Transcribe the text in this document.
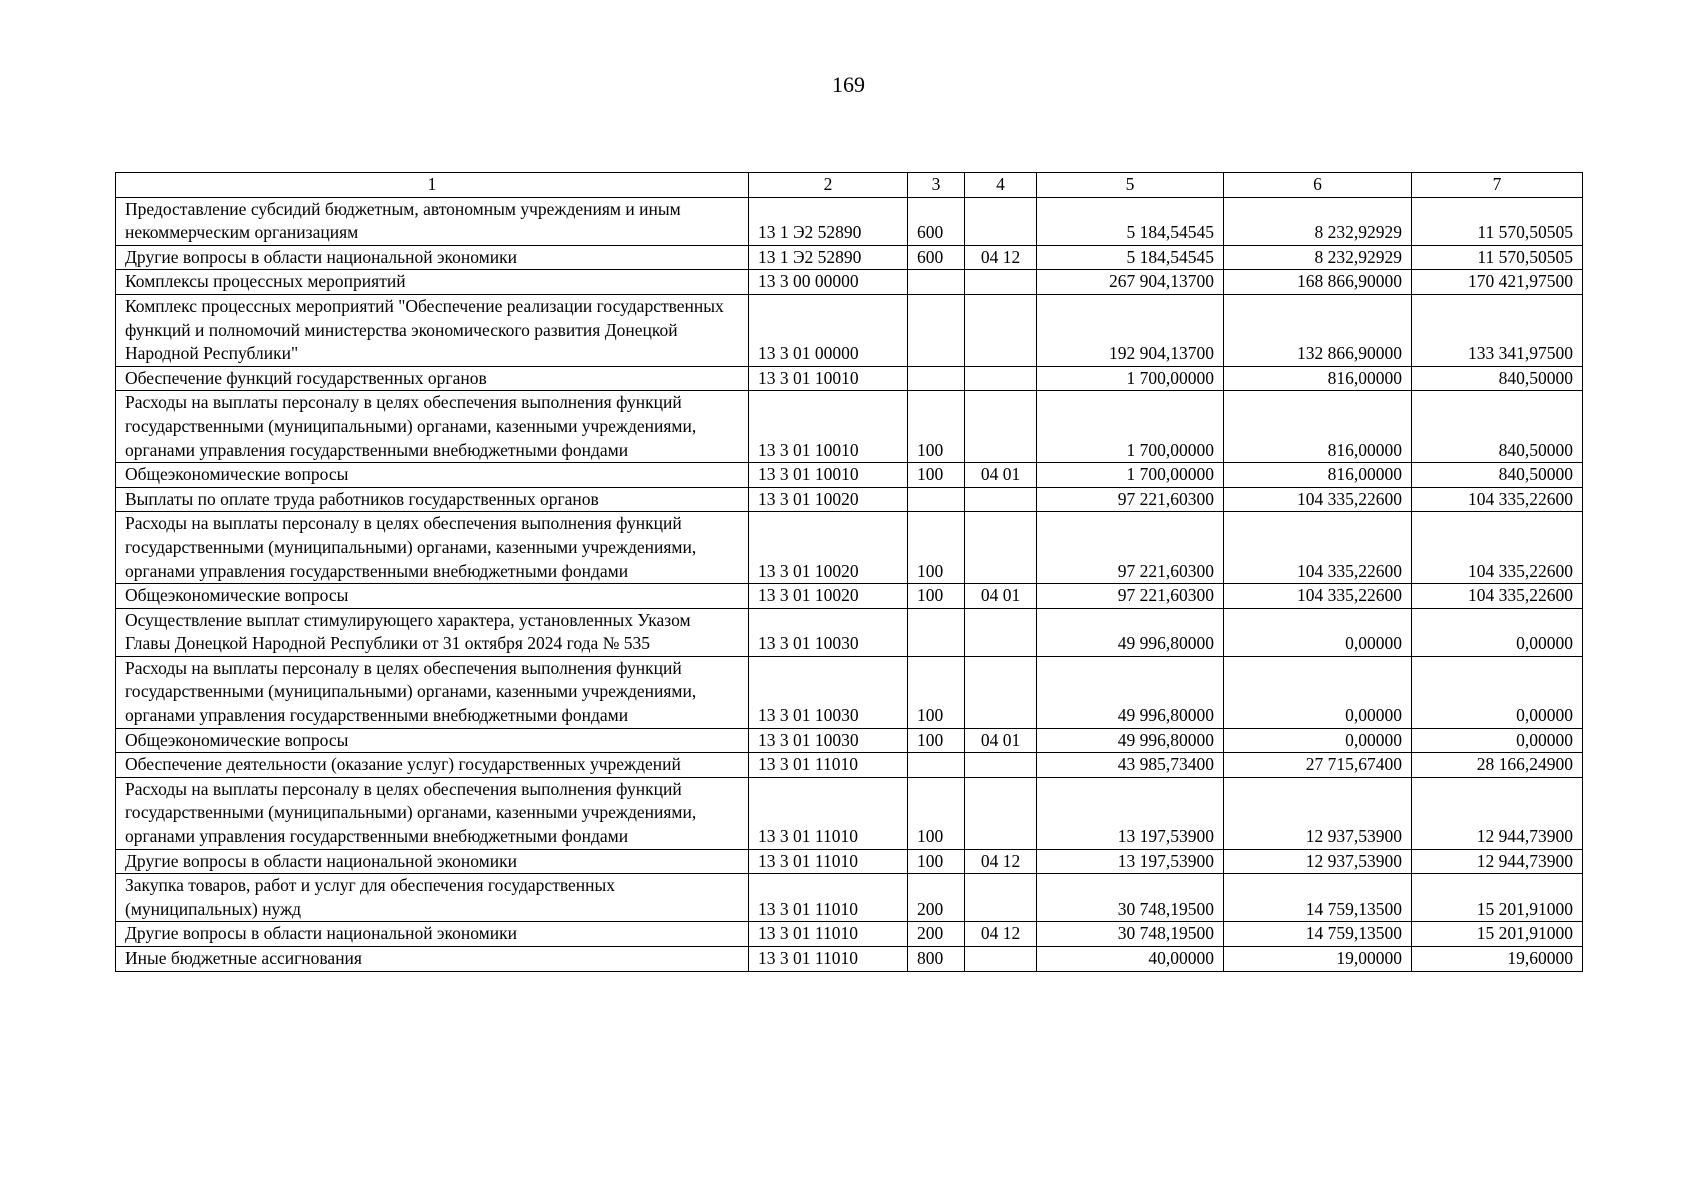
169
1	2	3	4	5	6	7
Предоставление субсидий бюджетным, автономным учреждениям и иным некоммерческим организациям	13 1 Э2 52890	600		5 184,54545	8 232,92929	11 570,50505
Другие вопросы в области национальной экономики	13 1 Э2 52890	600	04 12	5 184,54545	8 232,92929	11 570,50505
Комплексы процессных мероприятий	13 3 00 00000			267 904,13700	168 866,90000	170 421,97500
Комплекс процессных мероприятий "Обеспечение реализации государственных функций и полномочий министерства экономического развития Донецкой Народной Республики"	13 3 01 00000			192 904,13700	132 866,90000	133 341,97500
Обеспечение функций государственных органов	13 3 01 10010			1 700,00000	816,00000	840,50000
Расходы на выплаты персоналу в целях обеспечения выполнения функций государственными (муниципальными) органами, казенными учреждениями, органами управления государственными внебюджетными фондами	13 3 01 10010	100		1 700,00000	816,00000	840,50000
Общеэкономические вопросы	13 3 01 10010	100	04 01	1 700,00000	816,00000	840,50000
Выплаты по оплате труда работников государственных органов	13 3 01 10020			97 221,60300	104 335,22600	104 335,22600
Расходы на выплаты персоналу в целях обеспечения выполнения функций государственными (муниципальными) органами, казенными учреждениями, органами управления государственными внебюджетными фондами	13 3 01 10020	100		97 221,60300	104 335,22600	104 335,22600
Общеэкономические вопросы	13 3 01 10020	100	04 01	97 221,60300	104 335,22600	104 335,22600
Осуществление выплат стимулирующего характера, установленных Указом Главы Донецкой Народной Республики от 31 октября 2024 года № 535	13 3 01 10030			49 996,80000	0,00000	0,00000
Расходы на выплаты персоналу в целях обеспечения выполнения функций государственными (муниципальными) органами, казенными учреждениями, органами управления государственными внебюджетными фондами	13 3 01 10030	100		49 996,80000	0,00000	0,00000
Общеэкономические вопросы	13 3 01 10030	100	04 01	49 996,80000	0,00000	0,00000
Обеспечение деятельности (оказание услуг) государственных учреждений	13 3 01 11010			43 985,73400	27 715,67400	28 166,24900
Расходы на выплаты персоналу в целях обеспечения выполнения функций государственными (муниципальными) органами, казенными учреждениями, органами управления государственными внебюджетными фондами	13 3 01 11010	100		13 197,53900	12 937,53900	12 944,73900
Другие вопросы в области национальной экономики	13 3 01 11010	100	04 12	13 197,53900	12 937,53900	12 944,73900
Закупка товаров, работ и услуг для обеспечения государственных (муниципальных) нужд	13 3 01 11010	200		30 748,19500	14 759,13500	15 201,91000
Другие вопросы в области национальной экономики	13 3 01 11010	200	04 12	30 748,19500	14 759,13500	15 201,91000
Иные бюджетные ассигнования	13 3 01 11010	800		40,00000	19,00000	19,60000
